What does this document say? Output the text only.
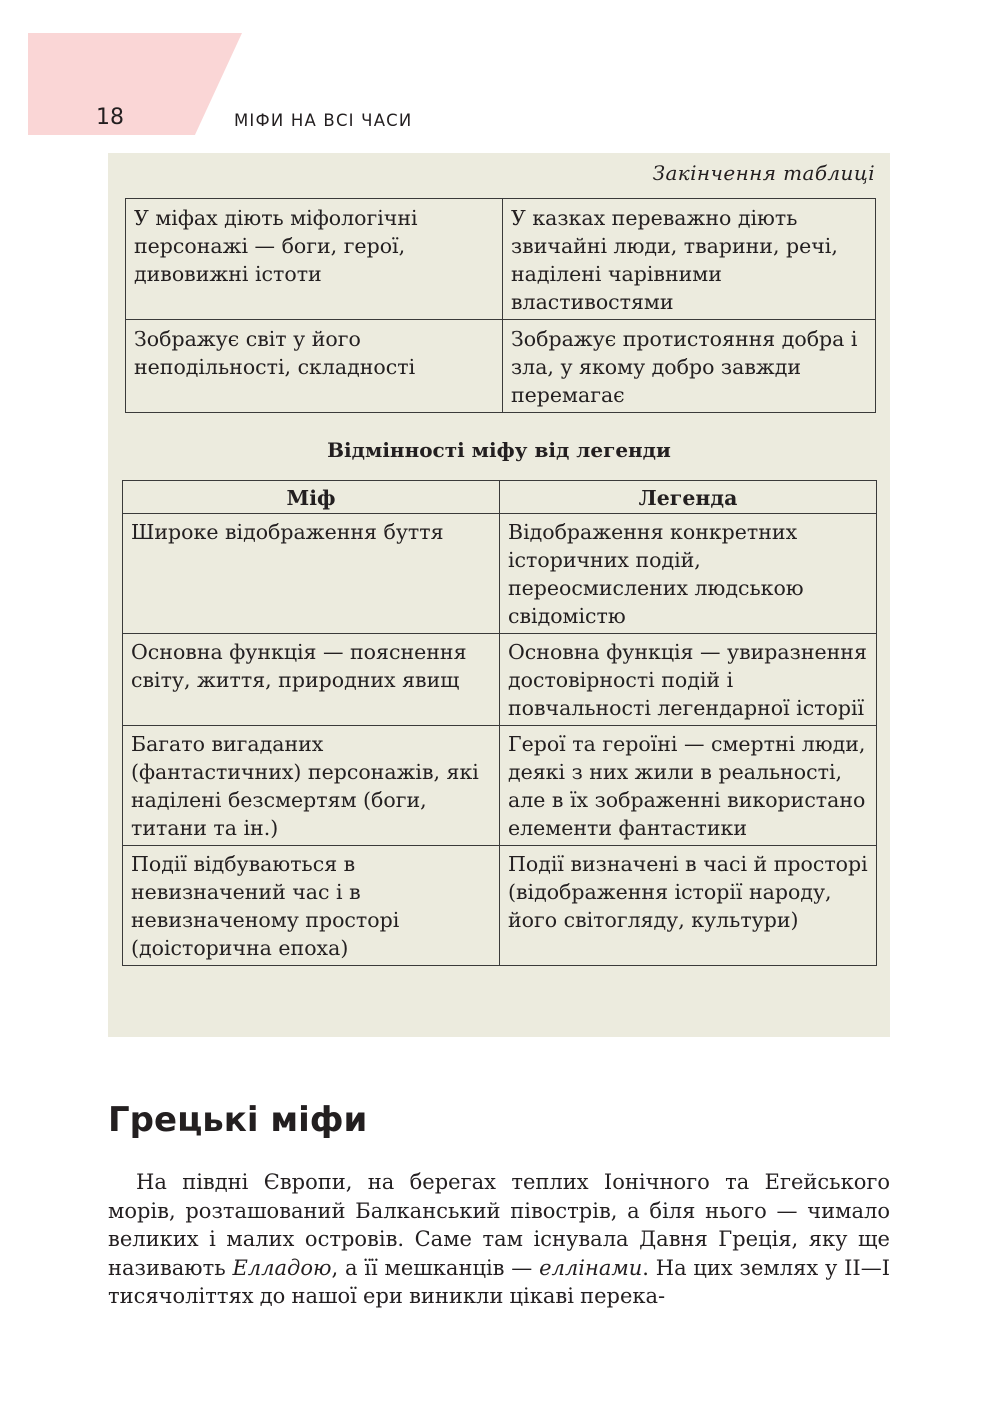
18	МІФИ НА ВСІ ЧАСИ
Закінчення таблиці
У міфах діють міфологічні персонажі — боги, герої, дивовижні істоти	У казках переважно діють звичайні люди, тварини, речі, наділені чарівними властивостями
Зображує світ у його неподільності, складності	Зображує протистояння добра і зла, у якому добро завжди перемагає
Відмінності міфу від легенди
Міф	Легенда
Широке відображення буття	Відображення конкретних історичних подій, переосмислених людською свідомістю
Основна функція — пояснення світу, життя, природних явищ	Основна функція — увиразнення достовірності подій і повчальності легендарної історії
Багато вигаданих (фантастичних) персонажів, які наділені безсмертям (боги, титани та ін.)	Герої та героїні — смертні люди, деякі з них жили в реальності, але в їх зображенні використано елементи фантастики
Події відбуваються в невизначений час і в невизначеному просторі (доісторична епоха)	Події визначені в часі й просторі (відображення історії народу, його світогляду, культури)
Грецькі міфи

На півдні Європи, на берегах теплих Іонічного та Егейського морів, розташований Балканський півострів, а біля нього — чимало великих і малих островів. Саме там існувала Давня Греція, яку ще називають Елладою, а її мешканців — еллінами. На цих землях у II—I тисячоліттях до нашої ери виникли цікаві перека-
